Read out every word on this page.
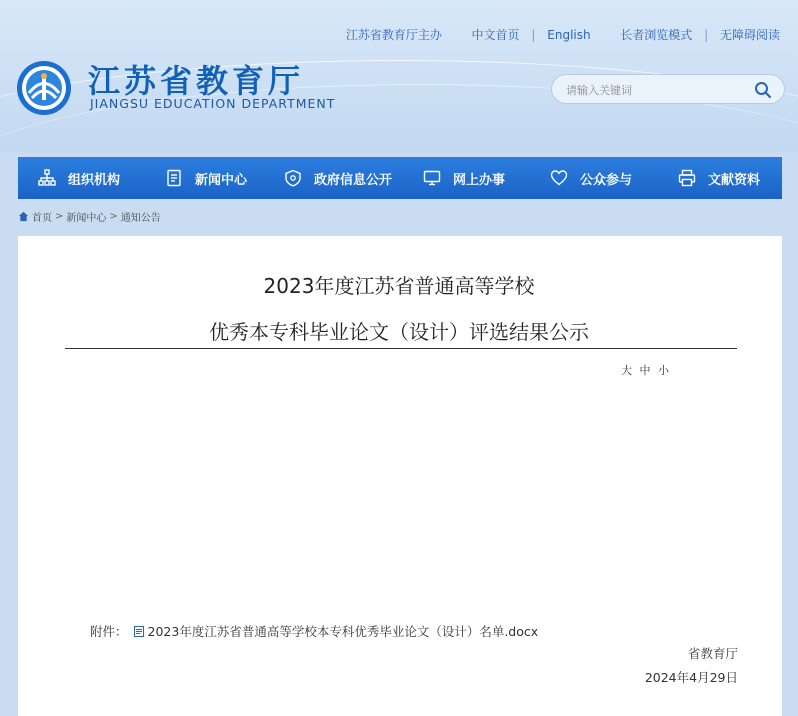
江苏省教育厅
JIANGSU EDUCATION DEPARTMENT
江苏省教育厅主办 中文首页 | English 长者浏览模式 | 无障碍阅读
请输入关键词
组织机构	新闻中心	政府信息公开	网上办事	公众参与	文献资料
首页 > 新闻中心 > 通知公告
2023年度江苏省普通高等学校
优秀本专科毕业论文（设计）评选结果公示
大 中 小
附件： 2023年度江苏省普通高等学校本专科优秀毕业论文（设计）名单.docx
省教育厅
2024年4月29日
